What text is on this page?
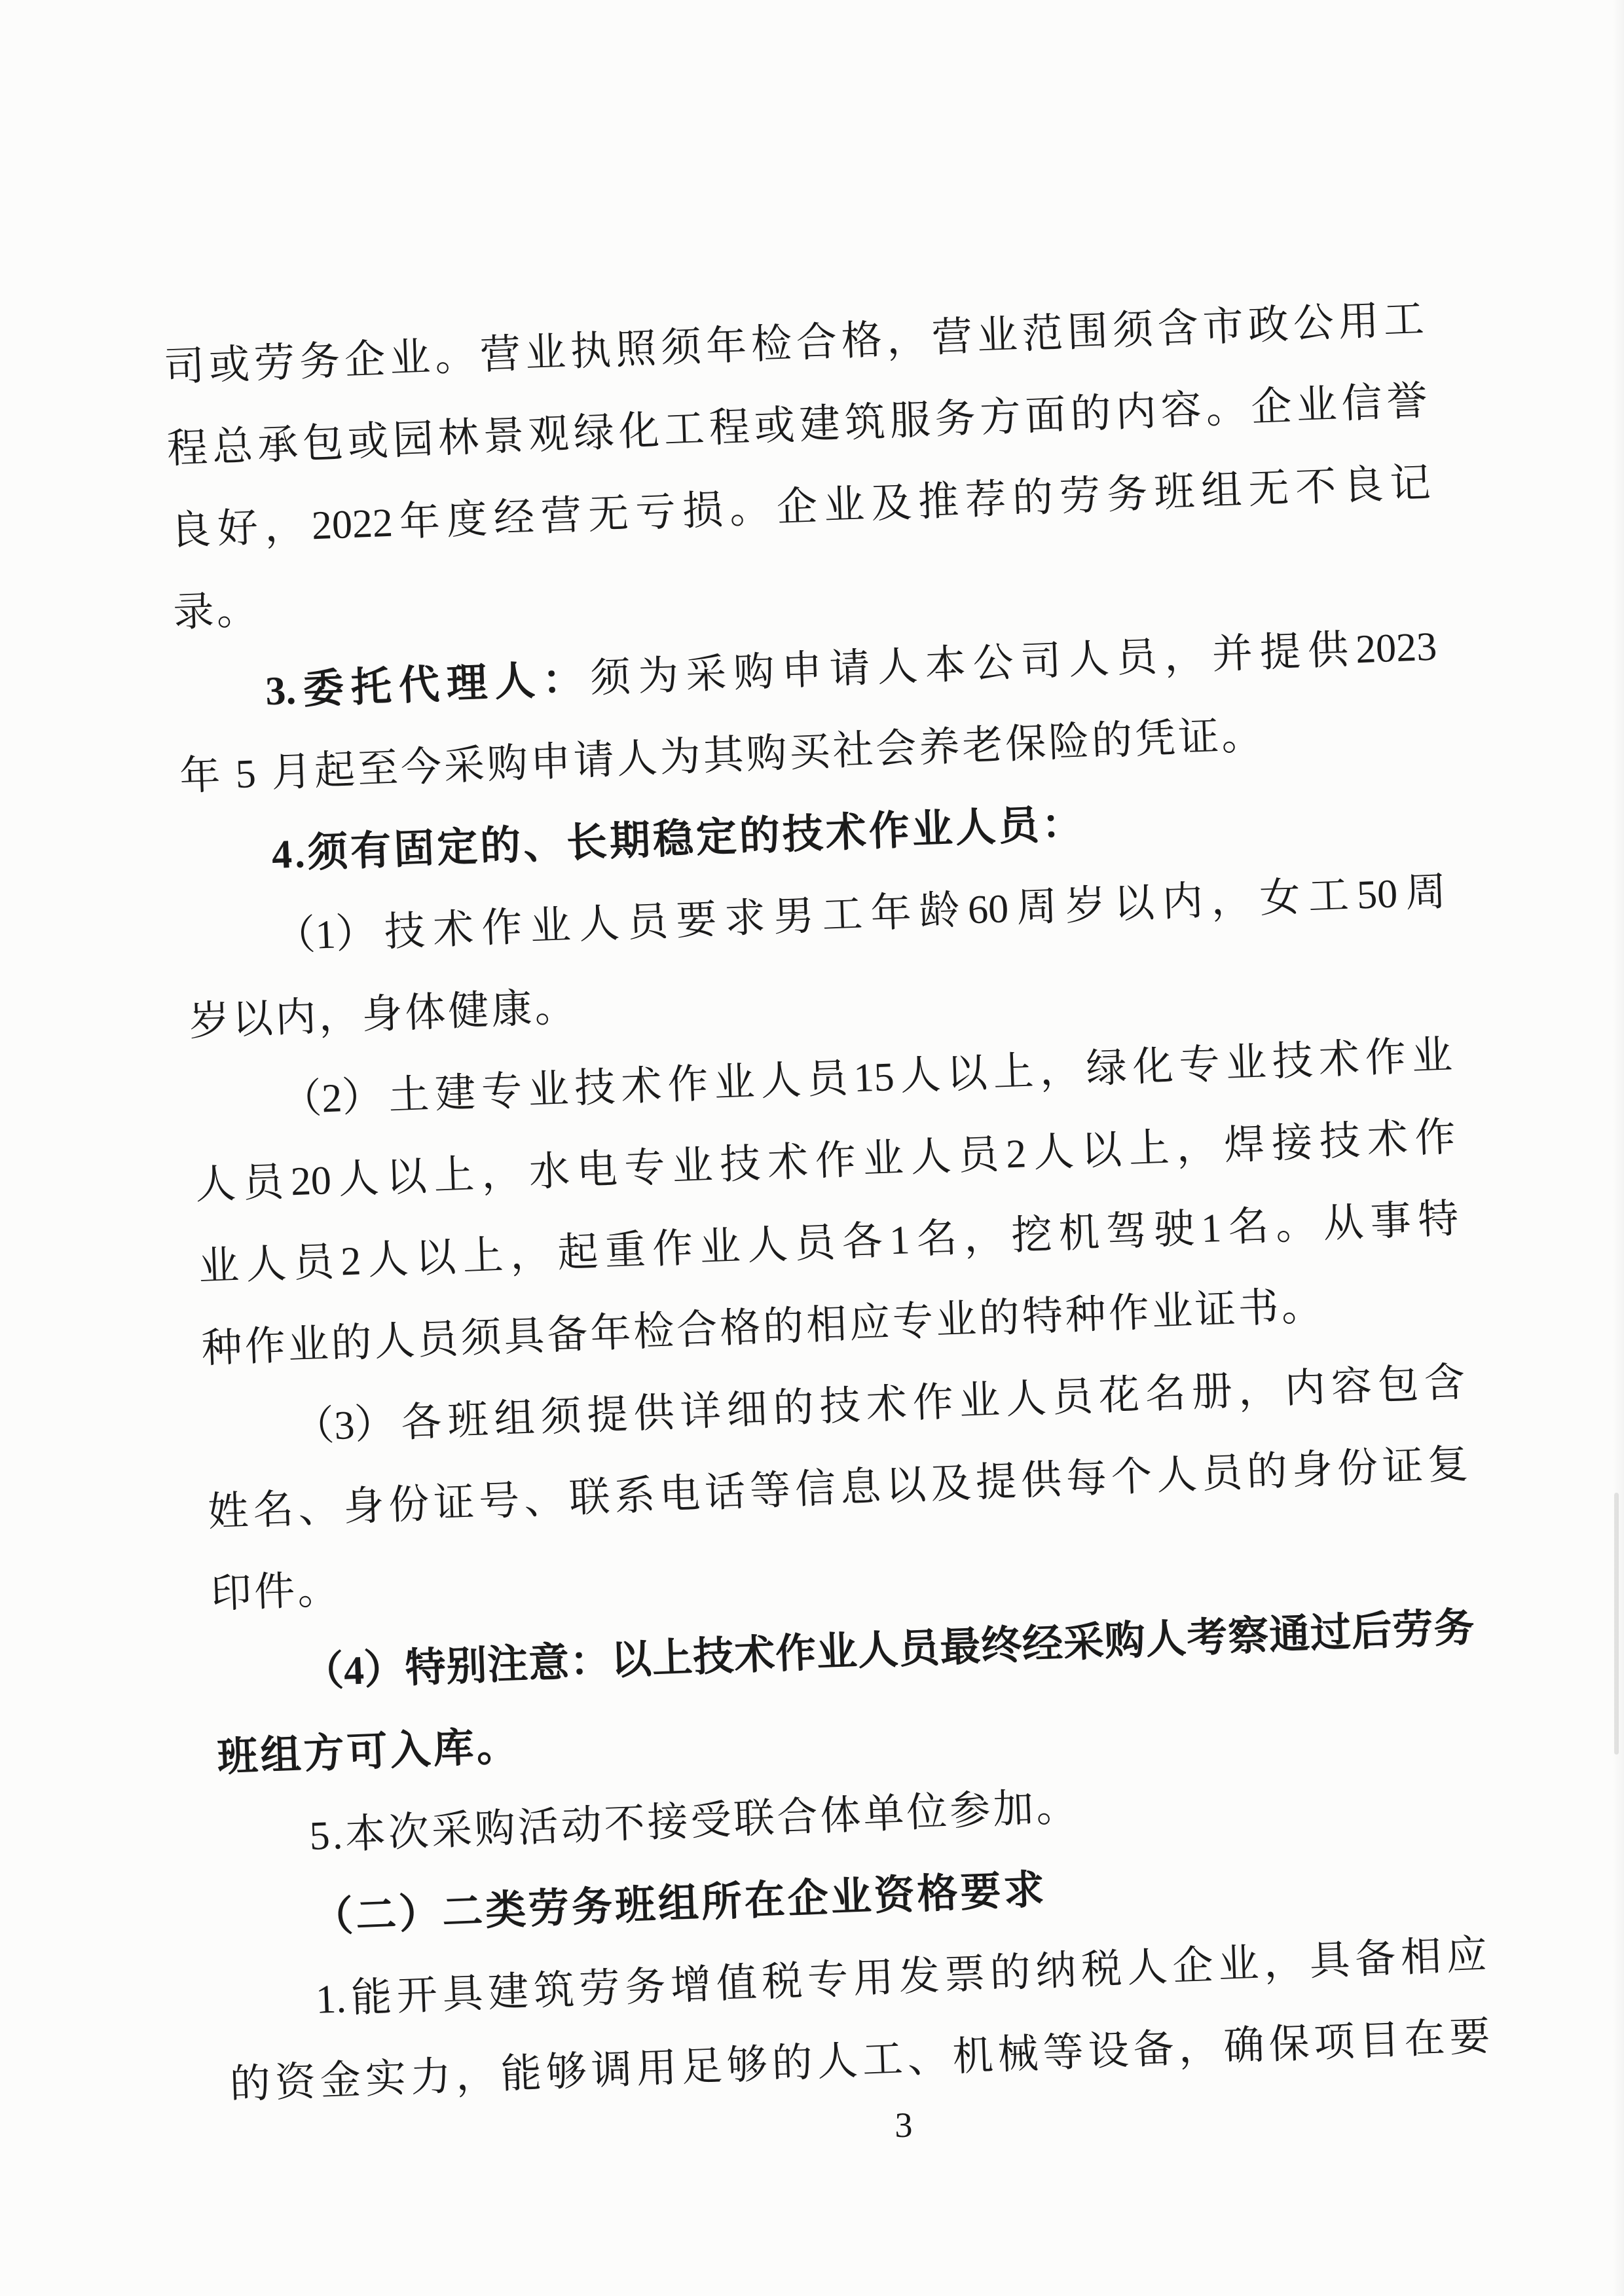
司 或 劳 务 企 业 。 营 业 执 照 须 年 检 合 格 ， 营 业 范 围 须 含 市 政 公 用 工
程 总 承 包 或 园 林 景 观 绿 化 工 程 或 建 筑 服 务 方 面 的 内 容 。 企 业 信 誉
良 好 ， 2022 年 度 经 营 无 亏 损 。 企 业 及 推 荐 的 劳 务 班 组 无 不 良 记
录。
3. 委 托 代 理 人 ： 须 为 采 购 申 请 人 本 公 司 人 员 ， 并 提 供 2023
年 5 月起至今采购申请人为其购买社会养老保险的凭证。
4.须有固定的、长期稳定的技术作业人员：
（1） 技 术 作 业 人 员 要 求 男 工 年 龄 60 周 岁 以 内 ， 女 工 50 周
岁以内，身体健康。
（2） 土 建 专 业 技 术 作 业 人 员 15 人 以 上 ， 绿 化 专 业 技 术 作 业
人 员 20 人 以 上 ， 水 电 专 业 技 术 作 业 人 员 2 人 以 上 ， 焊 接 技 术 作
业 人 员 2 人 以 上 ， 起 重 作 业 人 员 各 1 名 ， 挖 机 驾 驶 1 名 。 从 事 特
种作业的人员须具备年检合格的相应专业的特种作业证书。
（3） 各 班 组 须 提 供 详 细 的 技 术 作 业 人 员 花 名 册 ， 内 容 包 含
姓 名 、 身 份 证 号 、 联 系 电 话 等 信 息 以 及 提 供 每 个 人 员 的 身 份 证 复
印件。
（4）
特
别
注
意
：
以
上
技
术
作
业
人
员
最
终
经
采
购
人
考
察
通
过
后
劳
务
班组方可入库。
5.本次采购活动不接受联合体单位参加。
（二）二类劳务班组所在企业资格要求
1. 能 开 具 建 筑 劳 务 增 值 税 专 用 发 票 的 纳 税 人 企 业 ， 具 备 相 应
的 资 金 实 力 ， 能 够 调 用 足 够 的 人 工 、 机 械 等 设 备 ， 确 保 项 目 在 要
3
